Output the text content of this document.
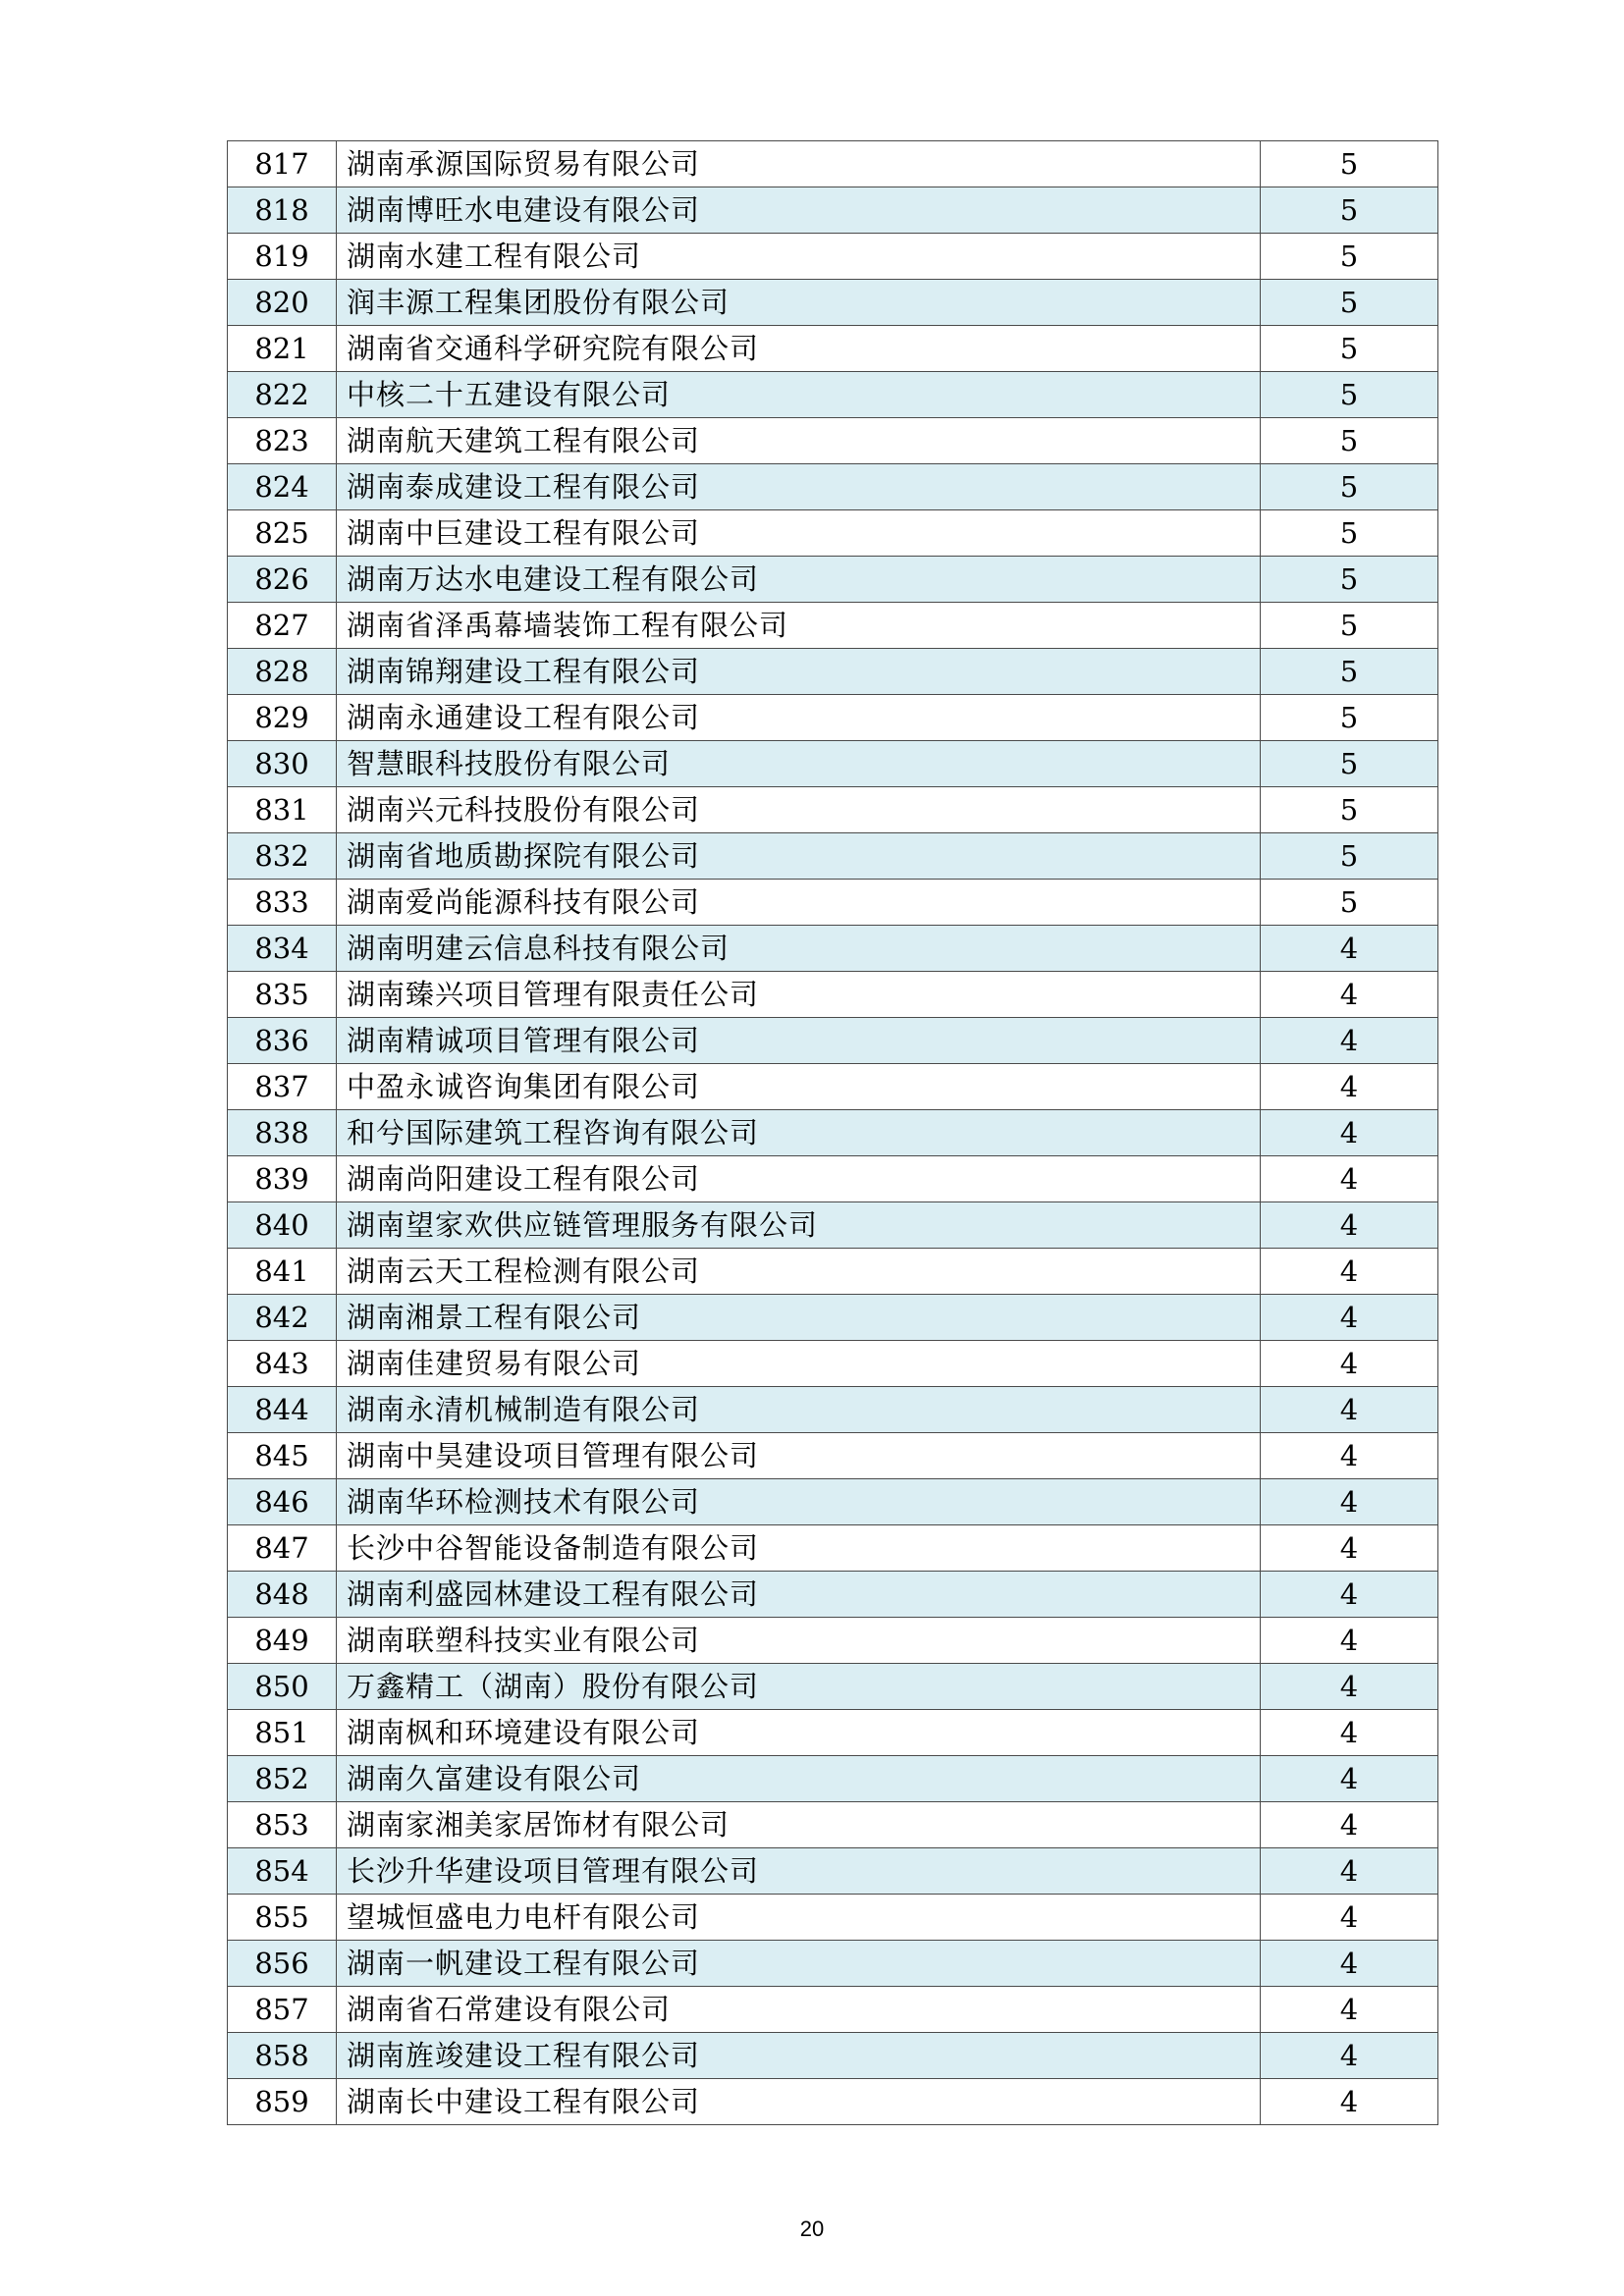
817	湖南承源国际贸易有限公司	5
818	湖南博旺水电建设有限公司	5
819	湖南水建工程有限公司	5
820	润丰源工程集团股份有限公司	5
821	湖南省交通科学研究院有限公司	5
822	中核二十五建设有限公司	5
823	湖南航天建筑工程有限公司	5
824	湖南泰成建设工程有限公司	5
825	湖南中巨建设工程有限公司	5
826	湖南万达水电建设工程有限公司	5
827	湖南省泽禹幕墙装饰工程有限公司	5
828	湖南锦翔建设工程有限公司	5
829	湖南永通建设工程有限公司	5
830	智慧眼科技股份有限公司	5
831	湖南兴元科技股份有限公司	5
832	湖南省地质勘探院有限公司	5
833	湖南爱尚能源科技有限公司	5
834	湖南明建云信息科技有限公司	4
835	湖南臻兴项目管理有限责任公司	4
836	湖南精诚项目管理有限公司	4
837	中盈永诚咨询集团有限公司	4
838	和兮国际建筑工程咨询有限公司	4
839	湖南尚阳建设工程有限公司	4
840	湖南望家欢供应链管理服务有限公司	4
841	湖南云天工程检测有限公司	4
842	湖南湘景工程有限公司	4
843	湖南佳建贸易有限公司	4
844	湖南永清机械制造有限公司	4
845	湖南中昊建设项目管理有限公司	4
846	湖南华环检测技术有限公司	4
847	长沙中谷智能设备制造有限公司	4
848	湖南利盛园林建设工程有限公司	4
849	湖南联塑科技实业有限公司	4
850	万鑫精工（湖南）股份有限公司	4
851	湖南枫和环境建设有限公司	4
852	湖南久富建设有限公司	4
853	湖南家湘美家居饰材有限公司	4
854	长沙升华建设项目管理有限公司	4
855	望城恒盛电力电杆有限公司	4
856	湖南一帆建设工程有限公司	4
857	湖南省石常建设有限公司	4
858	湖南旌竣建设工程有限公司	4
859	湖南长中建设工程有限公司	4
20
